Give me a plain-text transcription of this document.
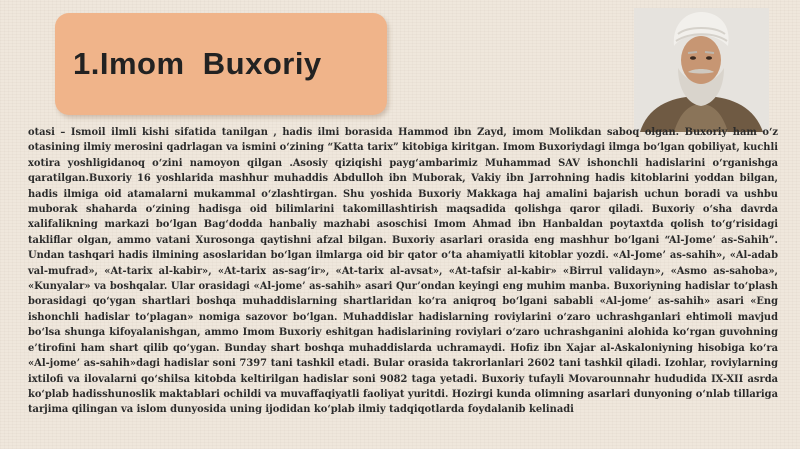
1.Imom  Buxoriy

otasi – Ismoil ilmli kishi sifatida tanilgan , hadis ilmi borasida Hammod ibn Zayd, imom Molikdan saboq olgan. Buxoriy ham o‘z otasining ilmiy merosini qadrlagan va ismini o‘zining “Katta tarix” kitobiga kiritgan. Imom Buxoriydagi ilmga bo‘lgan qobiliyat, kuchli xotira yoshligidanoq o‘zini namoyon qilgan .Asosiy qiziqishi payg‘ambarimiz Muhammad SAV ishonchli hadislarini o‘rganishga qaratilgan.Buxoriy 16 yoshlarida mashhur muhaddis Abdulloh ibn Muborak, Vakiy ibn Jarrohning hadis kitoblarini yoddan bilgan, hadis ilmiga oid atamalarni mukammal o‘zlashtirgan. Shu yoshida Buxoriy Makkaga haj amalini bajarish uchun boradi va ushbu muborak shaharda o‘zining hadisga oid bilimlarini takomillashtirish maqsadida qolishga qaror qiladi. Buxoriy o‘sha davrda xalifalikning markazi bo‘lgan Bag‘dodda hanbaliy mazhabi asoschisi Imom Ahmad ibn Hanbaldan poytaxtda qolish to‘g‘risidagi takliflar olgan, ammo vatani Xurosonga qaytishni afzal bilgan. Buxoriy asarlari orasida eng mashhur bo‘lgani “Al-Jome’ as-Sahih”. Undan tashqari hadis ilmining asoslaridan bo‘lgan ilmlarga oid bir qator o‘ta ahamiyatli kitoblar yozdi. «Al-Jome’ as-sahih», «Al-adab val-mufrad», «At-tarix al-kabir», «At-tarix as-sag‘ir», «At-tarix al-avsat», «At-tafsir al-kabir» «Birrul validayn», «Asmo as-sahoba», «Kunyalar» va boshqalar. Ular orasidagi «Al-jome’ as-sahih» asari Qur’ondan keyingi eng muhim manba. Buxoriyning hadislar to‘plash borasidagi qo‘ygan shartlari boshqa muhaddislarning shartlaridan ko‘ra aniqroq bo‘lgani sababli «Al-jome’ as-sahih» asari «Eng ishonchli hadislar to‘plagan» nomiga sazovor bo‘lgan. Muhaddislar hadislarning roviylarini o‘zaro uchrashganlari ehtimoli mavjud bo‘lsa shunga kifoyalanishgan, ammo Imom Buxoriy eshitgan hadislarining roviylari o‘zaro uchrashganini alohida ko‘rgan guvohning e’tirofini ham shart qilib qo‘ygan. Bunday shart boshqa muhaddislarda uchramaydi. Hofiz ibn Xajar al-Askaloniyning hisobiga ko‘ra «Al-jome’ as-sahih»dagi hadislar soni 7397 tani tashkil etadi. Bular orasida takrorlanlari 2602 tani tashkil qiladi. Izohlar, roviylarning ixtilofi va ilovalarni qo‘shilsa kitobda keltirilgan hadislar soni 9082 taga yetadi. Buxoriy tufayli Movarounnahr hududida IX-XII asrda ko‘plab hadisshunoslik maktablari ochildi va muvaffaqiyatli faoliyat yuritdi. Hozirgi kunda olimning asarlari dunyoning o‘nlab tillariga tarjima qilingan va islom dunyosida uning ijodidan ko‘plab ilmiy tadqiqotlarda foydalanib kelinadi
